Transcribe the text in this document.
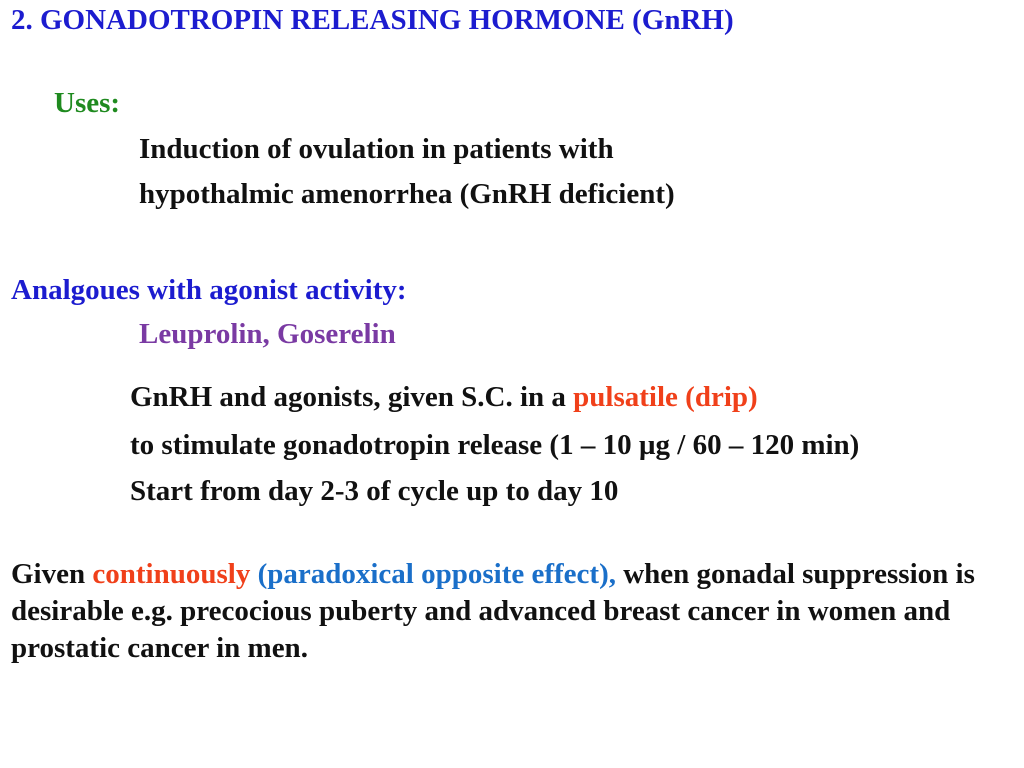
2. GONADOTROPIN RELEASING HORMONE (GnRH)
Uses:
Induction of ovulation in patients with
hypothalmic amenorrhea (GnRH deficient)
Analgoues with agonist activity:
Leuprolin, Goserelin
GnRH and agonists, given S.C. in a pulsatile (drip)
to stimulate gonadotropin release (1 – 10 µg / 60 – 120 min)
Start from day 2-3 of cycle up to day 10

Given continuously (paradoxical opposite effect), when gonadal suppression is desirable e.g. precocious puberty and advanced breast cancer in women and prostatic cancer in men.
